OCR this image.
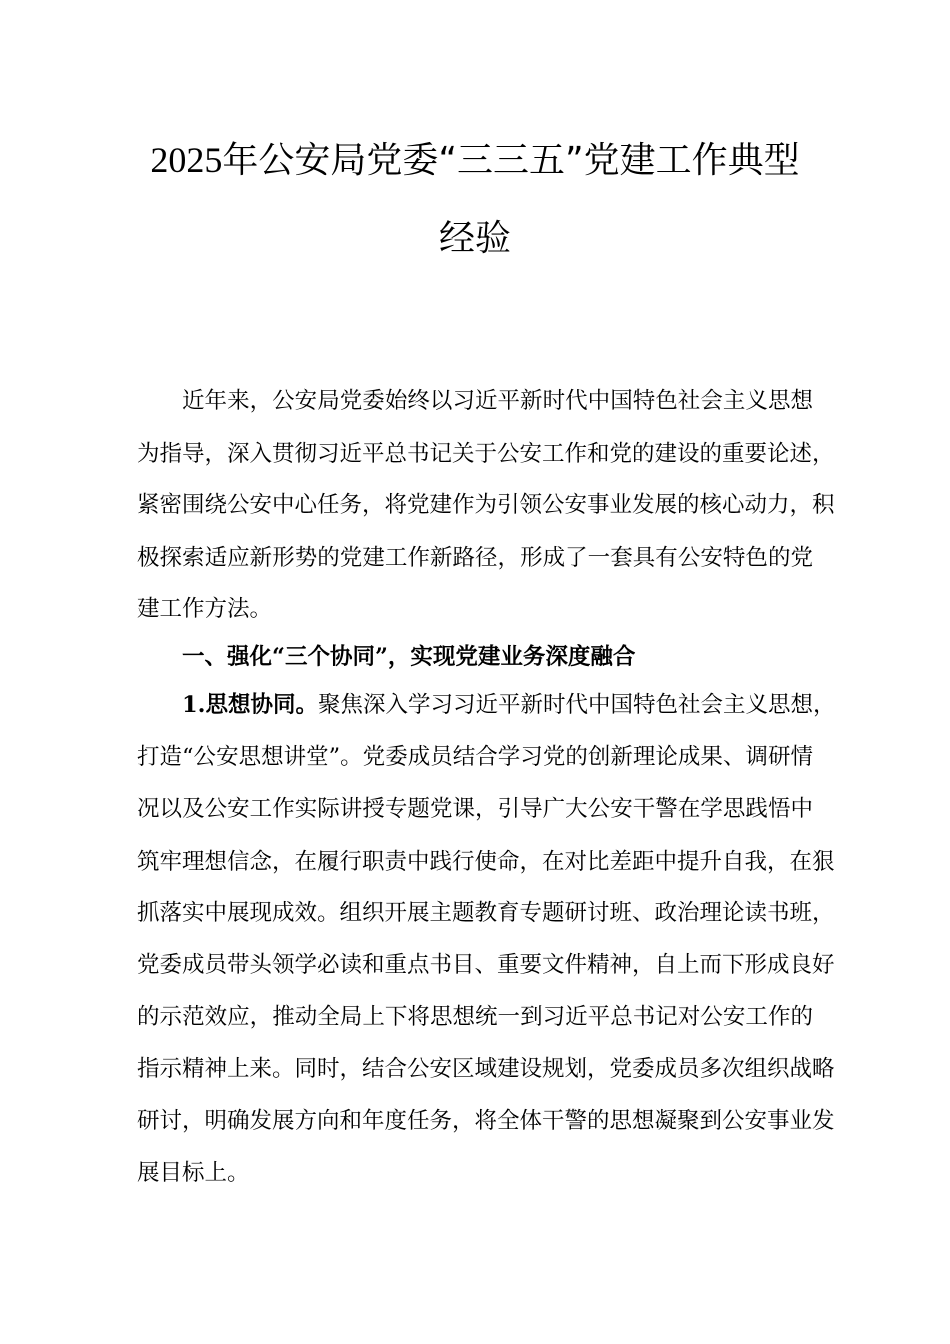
2025年公安局党委“三三五”党建工作典型
经验
近年来，公安局党委始终以习近平新时代中国特色社会主义思想
为指导，深入贯彻习近平总书记关于公安工作和党的建设的重要论述，
紧密围绕公安中心任务，将党建作为引领公安事业发展的核心动力，积
极探索适应新形势的党建工作新路径，形成了一套具有公安特色的党
建工作方法。
一、强化“三个协同”，实现党建业务深度融合
1.思想协同。聚焦深入学习习近平新时代中国特色社会主义思想，
打造“公安思想讲堂”。党委成员结合学习党的创新理论成果、调研情
况以及公安工作实际讲授专题党课，引导广大公安干警在学思践悟中
筑牢理想信念，在履行职责中践行使命，在对比差距中提升自我，在狠
抓落实中展现成效。组织开展主题教育专题研讨班、政治理论读书班，
党委成员带头领学必读和重点书目、重要文件精神，自上而下形成良好
的示范效应，推动全局上下将思想统一到习近平总书记对公安工作的
指示精神上来。同时，结合公安区域建设规划，党委成员多次组织战略
研讨，明确发展方向和年度任务，将全体干警的思想凝聚到公安事业发
展目标上。
